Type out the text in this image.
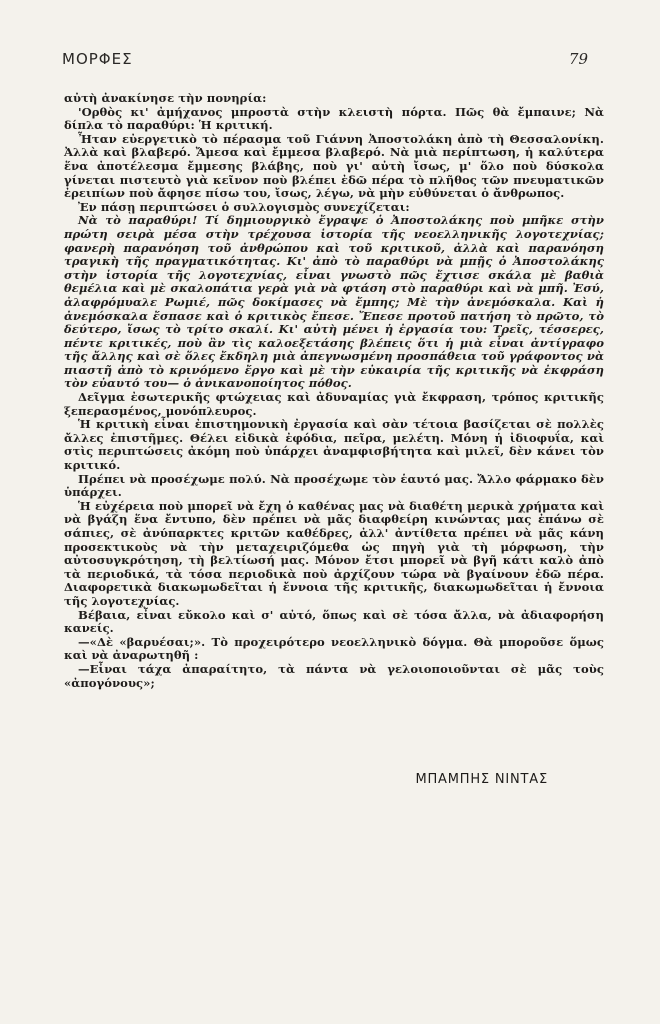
ΜΟΡΦΕΣ	79

αὐτὴ ἀνακίνησε τὴν πονηρία:

'Ορθὸς κι' ἀμήχανος μπροστὰ στὴν κλειστὴ πόρτα. Πῶς θὰ ἔμπαινε; Νὰ δίπλα τὸ παραθύρι: Ἡ κριτική.

Ἦταν εὐεργετικὸ τὸ πέρασμα τοῦ Γιάννη Ἀποστολάκη ἀπὸ τὴ Θεσσαλονίκη. Ἀλλὰ καὶ βλαβερό. Ἄμεσα καὶ ἔμμεσα βλαβερό. Νὰ μιὰ περίπτωση, ἡ καλύτερα ἕνα ἀποτέλεσμα ἔμμεσης βλάβης, ποὺ γι' αὐτὴ ἴσως, μ' ὅλο ποὺ δύσκολα γίνεται πιστευτὸ γιὰ κεῖνον ποὺ βλέπει ἐδῶ πέρα τὸ πλῆθος τῶν πνευματικῶν ἐρειπίων ποὺ ἄφησε πίσω του, ἴσως, λέγω, νὰ μὴν εὐθύνεται ὁ ἄνθρωπος.

Ἐν πάσῃ περιπτώσει ὁ συλλογισμὸς συνεχίζεται:

Νὰ τὸ παραθύρι! Τί δημιουργικὸ ἔγραψε ὁ Ἀποστολάκης ποὺ μπῆκε στὴν πρώτη σειρὰ μέσα στὴν τρέχουσα ἱστορία τῆς νεοελληνικῆς λογοτεχνίας; φανερὴ παρανόηση τοῦ ἀνθρώπου καὶ τοῦ κριτικοῦ, ἀλλὰ καὶ παρανόηση τραγικὴ τῆς πραγματικότητας. Κι' ἀπὸ τὸ παραθύρι νὰ μπῇς ὁ Ἀποστολάκης στὴν ἱστορία τῆς λογοτεχνίας, εἶναι γνωστὸ πῶς ἔχτισε σκάλα μὲ βαθιὰ θεμέλια καὶ μὲ σκαλοπάτια γερὰ γιὰ νὰ φτάση στὸ παραθύρι καὶ νὰ μπῆ. Ἐσύ, ἀλαφρόμυαλε Ρωμιέ, πῶς δοκίμασες νὰ ἔμπης; Μὲ τὴν ἀνεμόσκαλα. Καὶ ἡ ἀνεμόσκαλα ἔσπασε καὶ ὁ κριτικὸς ἔπεσε. Ἔπεσε προτοῦ πατήση τὸ πρῶτο, τὸ δεύτερο, ἴσως τὸ τρίτο σκαλί. Κι' αὐτὴ μένει ἡ ἐργασία του: Τρεῖς, τέσσερες, πέντε κριτικές, ποὺ ἂν τὶς καλοεξετάσης βλέπεις ὅτι ἡ μιὰ εἶναι ἀντίγραφο τῆς ἄλλης καὶ σὲ ὅλες ἔκδηλη μιὰ ἀπεγνωσμένη προσπάθεια τοῦ γράφοντος νὰ πιαστῆ ἀπὸ τὸ κρινόμενο ἔργο καὶ μὲ τὴν εὐκαιρία τῆς κριτικῆς νὰ ἐκφράση τὸν εὐαυτό του— ὁ ἀνικανοποίητος πόθος.

Δεῖγμα ἐσωτερικῆς φτώχειας καὶ ἀδυναμίας γιὰ ἔκφραση, τρόπος κριτικῆς ξεπερασμένος, μονόπλευρος.

Ἡ κριτικὴ εἶναι ἐπιστημονικὴ ἐργασία καὶ σὰν τέτοια βασίζεται σὲ πολλὲς ἄλλες ἐπιστῆμες. Θέλει εἰδικὰ ἐφόδια, πεῖρα, μελέτη. Μόνη ἡ ἰδιοφυΐα, καὶ στὶς περιπτώσεις ἀκόμη ποὺ ὑπάρχει ἀναμφισβήτητα καὶ μιλεῖ, δὲν κάνει τὸν κριτικό.

Πρέπει νὰ προσέχωμε πολύ. Νὰ προσέχωμε τὸν ἑαυτό μας. Ἄλλο φάρμακο δὲν ὑπάρχει.

Ἡ εὐχέρεια ποὺ μπορεῖ νὰ ἔχη ὁ καθένας μας νὰ διαθέτη μερικὰ χρήματα καὶ νὰ βγάζη ἕνα ἔντυπο, δὲν πρέπει νὰ μᾶς διαφθείρη κινώντας μας ἐπάνω σὲ σάπιες, σὲ ἀνύπαρκτες κριτῶν καθέδρες, ἀλλ' ἀντίθετα πρέπει νὰ μᾶς κάνη προσεκτικοὺς νὰ τὴν μεταχειριζόμεθα ὡς πηγὴ γιὰ τὴ μόρφωση, τὴν αὐτοσυγκρότηση, τὴ βελτίωσή μας. Μόνον ἔτσι μπορεῖ νὰ βγῆ κάτι καλὸ ἀπὸ τὰ περιοδικά, τὰ τόσα περιοδικὰ ποὺ ἀρχίζουν τώρα νὰ βγαίνουν ἐδῶ πέρα. Διαφορετικὰ διακωμωδεῖται ἡ ἔννοια τῆς κριτικῆς, διακωμωδεῖται ἡ ἔννοια τῆς λογοτεχνίας.

Βέβαια, εἶναι εὔκολο καὶ σ' αὐτό, ὅπως καὶ σὲ τόσα ἄλλα, νὰ ἀδιαφορήση κανείς.

—«Δὲ «βαρυέσαι;». Τὸ προχειρότερο νεοελληνικὸ δόγμα. Θὰ μποροῦσε ὅμως καὶ νὰ ἀναρωτηθῆ :

—Εἶναι τάχα ἀπαραίτητο, τὰ πάντα νὰ γελοιοποιοῦνται σὲ μᾶς τοὺς «ἀπογόνους»;

ΜΠΑΜΠΗΣ ΝΙΝΤΑΣ
